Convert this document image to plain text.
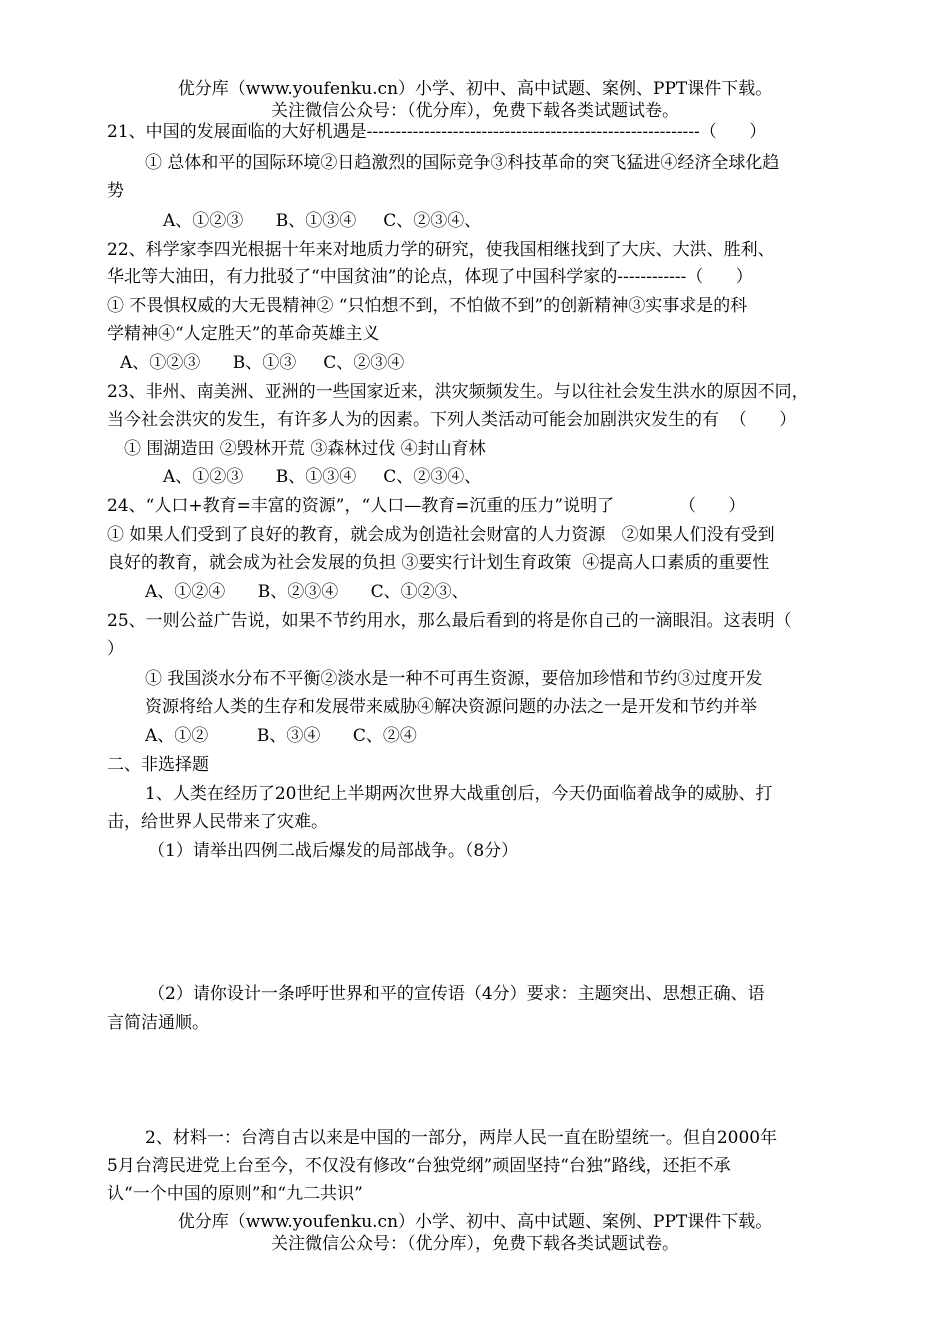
优分库（www.youfenku.cn）小学、初中、高中试题、案例、PPT课件下载。
关注微信公众号：（优分库），免费下载各类试题试卷。
21、中国的发展面临的大好机遇是----------------------------------------------------------（      ）
① 总体和平的国际环境②日趋激烈的国际竞争③科技革命的突飞猛进④经济全球化趋
势
A、①②③      B、①③④     C、②③④、
22、科学家李四光根据十年来对地质力学的研究，使我国相继找到了大庆、大洪、胜利、
华北等大油田，有力批驳了“中国贫油”的论点，体现了中国科学家的------------（      ）
① 不畏惧权威的大无畏精神② “只怕想不到，不怕做不到”的创新精神③实事求是的科
学精神④“人定胜天”的革命英雄主义
A、①②③      B、①③     C、②③④
23、非州、南美洲、亚洲的一些国家近来，洪灾频频发生。与以往社会发生洪水的原因不同，
当今社会洪灾的发生，有许多人为的因素。下列人类活动可能会加剧洪灾发生的有  （      ）
① 围湖造田 ②毁林开荒 ③森林过伐 ④封山育林
A、①②③      B、①③④     C、②③④、
24、“人口+教育=丰富的资源”，“人口—教育=沉重的压力”说明了            （      ）
① 如果人们受到了良好的教育，就会成为创造社会财富的人力资源   ②如果人们没有受到
良好的教育，就会成为社会发展的负担 ③要实行计划生育政策  ④提高人口素质的重要性
A、①②④      B、②③④      C、①②③、
25、一则公益广告说，如果不节约用水，那么最后看到的将是你自己的一滴眼泪。这表明（
）
① 我国淡水分布不平衡②淡水是一种不可再生资源，要倍加珍惜和节约③过度开发
资源将给人类的生存和发展带来威胁④解决资源问题的办法之一是开发和节约并举
A、①②         B、③④      C、②④
二、非选择题
1、人类在经历了20世纪上半期两次世界大战重创后，今天仍面临着战争的威胁、打
击，给世界人民带来了灾难。
（1）请举出四例二战后爆发的局部战争。（8分）
（2）请你设计一条呼吁世界和平的宣传语（4分）要求：主题突出、思想正确、语
言简洁通顺。
2、材料一：台湾自古以来是中国的一部分，两岸人民一直在盼望统一。但自2000年
5月台湾民进党上台至今，不仅没有修改“台独党纲”顽固坚持“台独”路线，还拒不承
认“一个中国的原则”和“九二共识”
优分库（www.youfenku.cn）小学、初中、高中试题、案例、PPT课件下载。
关注微信公众号：（优分库），免费下载各类试题试卷。
